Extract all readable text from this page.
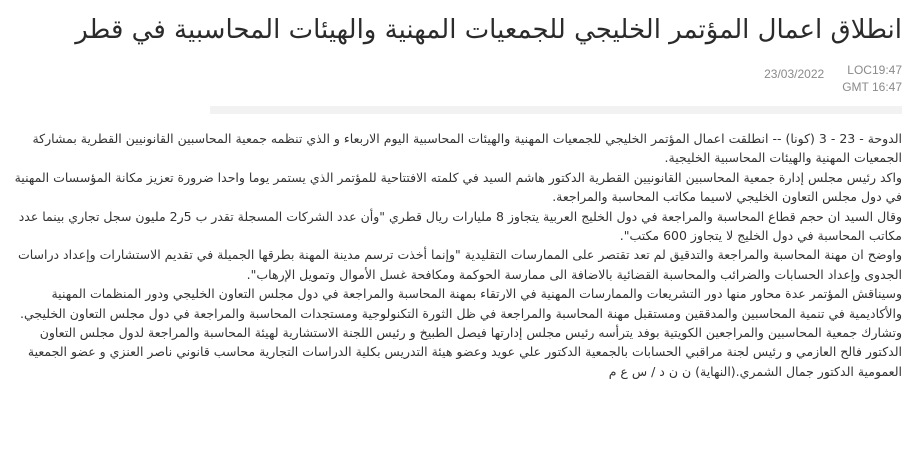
انطلاق اعمال المؤتمر الخليجي للجمعيات المهنية والهيئات المحاسبية في قطر
23/03/2022 LOC19:47
GMT 16:47

الدوحة - 23 - 3 (كونا) -- انطلقت اعمال المؤتمر الخليجي للجمعيات المهنية والهيئات المحاسبية اليوم الاربعاء و الذي تنظمه جمعية المحاسبين القانونيين القطرية بمشاركة الجمعيات المهنية والهيئات المحاسبية الخليجية.

واكد رئيس مجلس إدارة جمعية المحاسبين القانونيين القطرية الدكتور هاشم السيد في كلمته الافتتاحية للمؤتمر الذي يستمر يوما واحدا ضرورة تعزيز مكانة المؤسسات المهنية في دول مجلس التعاون الخليجي لاسيما مكاتب المحاسبة والمراجعة.

وقال السيد ان حجم قطاع المحاسبة والمراجعة في دول الخليج العربية يتجاوز 8 مليارات ريال قطري "وأن عدد الشركات المسجلة تقدر ب 5ر2 مليون سجل تجاري بينما عدد مكاتب المحاسبة في دول الخليج لا يتجاوز 600 مكتب".

واوضح ان مهنة المحاسبة والمراجعة والتدقيق لم تعد تقتصر على الممارسات التقليدية "وإنما أخذت ترسم مدينة المهنة بطرقها الجميلة في تقديم الاستشارات وإعداد دراسات الجدوى وإعداد الحسابات والضرائب والمحاسبة القضائية بالاضافة الى ممارسة الحوكمة ومكافحة غسل الأموال وتمويل الإرهاب".

وسيناقش المؤتمر عدة محاور منها دور التشريعات والممارسات المهنية في الارتقاء بمهنة المحاسبة والمراجعة في دول مجلس التعاون الخليجي ودور المنظمات المهنية والأكاديمية في تنمية المحاسبين والمدققين ومستقبل مهنة المحاسبة والمراجعة في ظل الثورة التكنولوجية ومستجدات المحاسبة والمراجعة في دول مجلس التعاون الخليجي.

وتشارك جمعية المحاسبين والمراجعين الكويتية بوفد يترأسه رئيس مجلس إدارتها فيصل الطبيخ و رئيس اللجنة الاستشارية لهيئة المحاسبة والمراجعة لدول مجلس التعاون الدكتور فالح العازمي و رئيس لجنة مراقبي الحسابات بالجمعية الدكتور علي عويد وعضو هيئة التدريس بكلية الدراسات التجارية محاسب قانوني ناصر العنزي و عضو الجمعية العمومية الدكتور جمال الشمري.(النهاية) ن ن د / س ع م
